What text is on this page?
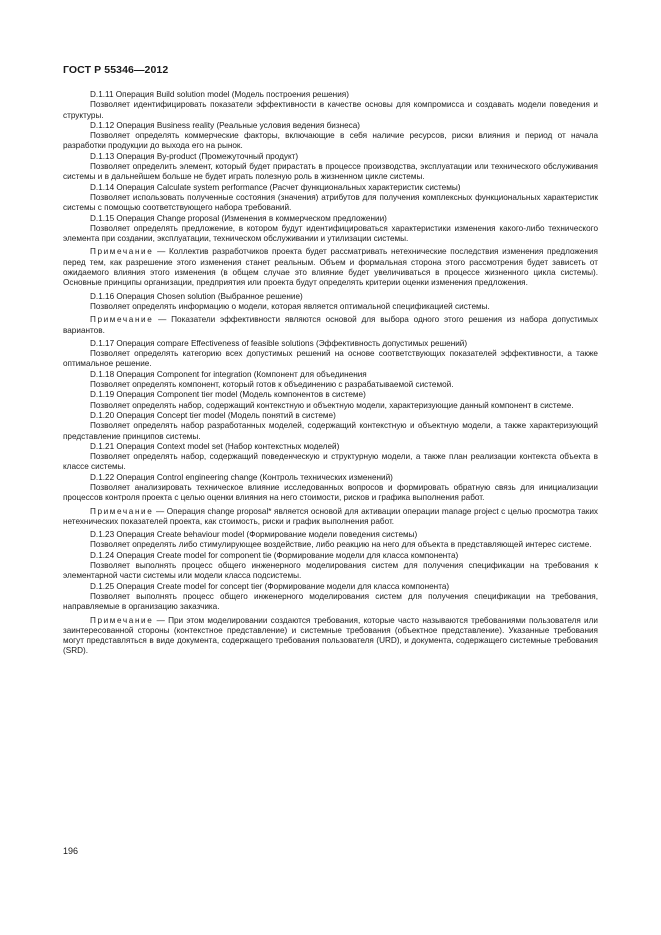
ГОСТ Р 55346—2012

D.1.11 Операция Build solution model (Модель построения решения)

Позволяет идентифицировать показатели эффективности в качестве основы для компромисса и создавать модели поведения и структуры.

D.1.12 Операция Business reality (Реальные условия ведения бизнеса)

Позволяет определять коммерческие факторы, включающие в себя наличие ресурсов, риски влияния и период от начала разработки продукции до выхода его на рынок.

D.1.13 Операция By-product (Промежуточный продукт)

Позволяет определить элемент, который будет прирастать в процессе производства, эксплуатации или технического обслуживания системы и в дальнейшем больше не будет играть полезную роль в жизненном цикле системы.

D.1.14 Операция Calculate system performance (Расчет функциональных характеристик системы)

Позволяет использовать полученные состояния (значения) атрибутов для получения комплексных функциональных характеристик системы с помощью соответствующего набора требований.

D.1.15 Операция Change proposal (Изменения в коммерческом предложении)

Позволяет определять предложение, в котором будут идентифицироваться характеристики изменения какого-либо технического элемента при создании, эксплуатации, техническом обслуживании и утилизации системы.

Примечание — Коллектив разработчиков проекта будет рассматривать нетехнические последствия изменения предложения перед тем, как разрешение этого изменения станет реальным. Объем и формальная сторона этого рассмотрения будет зависеть от ожидаемого влияния этого изменения (в общем случае это влияние будет увеличиваться в процессе жизненного цикла системы). Основные принципы организации, предприятия или проекта будут определять критерии оценки изменения предложения.

D.1.16 Операция Chosen solution (Выбранное решение)

Позволяет определять информацию о модели, которая является оптимальной спецификацией системы.

Примечание — Показатели эффективности являются основой для выбора одного этого решения из набора допустимых вариантов.

D.1.17 Операция compare Effectiveness of feasible solutions (Эффективность допустимых решений)

Позволяет определять категорию всех допустимых решений на основе соответствующих показателей эффективности, а также оптимальное решение.

D.1.18 Операция Component for integration (Компонент для объединения

Позволяет определять компонент, который готов к объединению с разрабатываемой системой.

D.1.19 Операция Component tier model (Модель компонентов в системе)

Позволяет определять набор, содержащий контекстную и объектную модели, характеризующие данный компонент в системе.

D.1.20 Операция Concept tier model (Модель понятий в системе)

Позволяет определять набор разработанных моделей, содержащий контекстную и объектную модели, а также характеризующий представление принципов системы.

D.1.21 Операция Context model set (Набор контекстных моделей)

Позволяет определять набор, содержащий поведенческую и структурную модели, а также план реализации контекста объекта в классе системы.

D.1.22 Операция Control engineering change (Контроль технических изменений)

Позволяет анализировать техническое влияние исследованных вопросов и формировать обратную связь для инициализации процессов контроля проекта с целью оценки влияния на него стоимости, рисков и графика выполнения работ.

Примечание — Операция change proposal* является основой для активации операции manage project с целью просмотра таких нетехнических показателей проекта, как стоимость, риски и график выполнения работ.

D.1.23 Операция Create behaviour model (Формирование модели поведения системы)

Позволяет определять либо стимулирующее воздействие, либо реакцию на него для объекта в представляющей интерес системе.

D.1.24 Операция Create model for component tie (Формирование модели для класса компонента)

Позволяет выполнять процесс общего инженерного моделирования систем для получения спецификации на требования к элементарной части системы или модели класса подсистемы.

D.1.25 Операция Create model for concept tier (Формирование модели для класса компонента)

Позволяет выполнять процесс общего инженерного моделирования систем для получения спецификации на требования, направляемые в организацию заказчика.

Примечание — При этом моделировании создаются требования, которые часто называются требованиями пользователя или заинтересованной стороны (контекстное представление) и системные требования (объектное представление). Указанные требования могут представляться в виде документа, содержащего требования пользователя (URD), и документа, содержащего системные требования (SRD).

196
